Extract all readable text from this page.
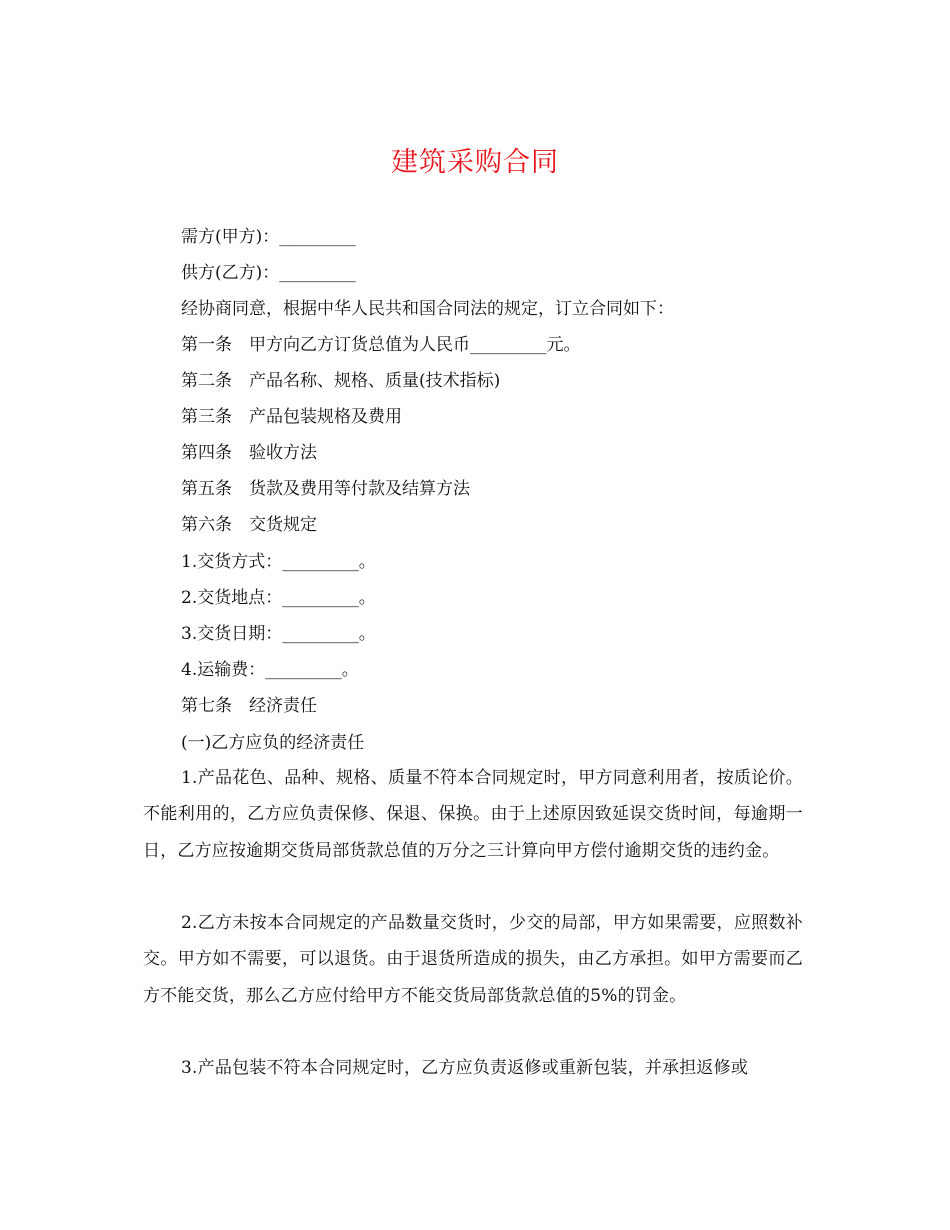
建筑采购合同
需方(甲方)：_________
供方(乙方)：_________
经协商同意，根据中华人民共和国合同法的规定，订立合同如下：
第一条　甲方向乙方订货总值为人民币_________元。
第二条　产品名称、规格、质量(技术指标)
第三条　产品包装规格及费用
第四条　验收方法
第五条　货款及费用等付款及结算方法
第六条　交货规定
1.交货方式：_________。
2.交货地点：_________。
3.交货日期：_________。
4.运输费：_________。
第七条　经济责任
(一)乙方应负的经济责任

1.产品花色、品种、规格、质量不符本合同规定时，甲方同意利用者，按质论价。不能利用的，乙方应负责保修、保退、保换。由于上述原因致延误交货时间，每逾期一日，乙方应按逾期交货局部货款总值的万分之三计算向甲方偿付逾期交货的违约金。

2.乙方未按本合同规定的产品数量交货时，少交的局部，甲方如果需要，应照数补交。甲方如不需要，可以退货。由于退货所造成的损失，由乙方承担。如甲方需要而乙方不能交货，那么乙方应付给甲方不能交货局部货款总值的5%的罚金。

3.产品包装不符本合同规定时，乙方应负责返修或重新包装，并承担返修或
